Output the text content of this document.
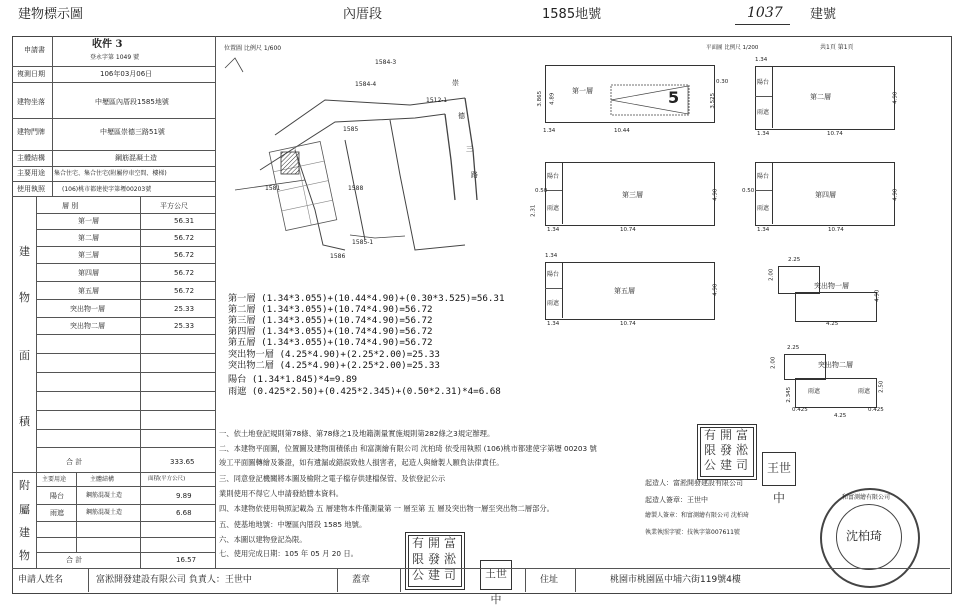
建物標示圖	內厝段	1585地號	1037 建號
申請書	收件 3
登永字第 1049 號
複測日期	106年03月06日
建物坐落	中壢區內厝段1585地號
建物門牌	中壢區崇德三路51號
主體結構	鋼筋混凝土造
主要用途 集合住宅、集合住宅(附屬停車空間、樓梯)
使用執照	(106)桃市都建使字第壢00203號
層 別	平方公尺
建
物
面
積
第一層	56.31
第二層	56.72
第三層	56.72
第四層	56.72
第五層	56.72
突出物一層	25.33
突出物二層	25.33
合 計	333.65
附
屬
建
物
主要用途	主體結構	面積(平方公尺)
陽台	鋼筋混凝土造	9.89
雨遮	鋼筋混凝土造	6.68
合 計	16.57
位置圖 比例尺 1/600
1584-3
1584-4
1512-1
1585
1581	1588
1585-1
1586
崇
德
三
路
平面圖 比例尺 1/200	共1頁 第1頁
5
第一層
1.34	10.44
0.30
3.865 4.89	3.525
陽台
雨遮
第二層
1.34
1.34	10.74
4.90
陽台
雨遮
第三層
0.50
1.34	10.74
4.90
2.31
陽台
雨遮
第四層
0.50
1.34	10.74
4.90
陽台
雨遮
第五層
1.34
1.34	10.74
4.90	突出物一層
2.25
4.25
2.00
4.90
突出物二層
雨遮	雨遮
2.25
0.425
4.25
0.425
2.00
2.345
2.50
第一層 (1.34*3.055)+(10.44*4.90)+(0.30*3.525)=56.31
第二層 (1.34*3.055)+(10.74*4.90)=56.72
第三層 (1.34*3.055)+(10.74*4.90)=56.72
第四層 (1.34*3.055)+(10.74*4.90)=56.72
第五層 (1.34*3.055)+(10.74*4.90)=56.72
突出物一層 (4.25*4.90)+(2.25*2.00)=25.33
突出物二層 (4.25*4.90)+(2.25*2.00)=25.33
陽台 (1.34*1.845)*4=9.89
雨遮 (0.425*2.50)+(0.425*2.345)+(0.50*2.31)*4=6.68
一、依土地登記規則第78條、第78條之1及地籍測量實施規則第282條之3規定辦理。
二、本建物平面圖，位置圖及建物面積係由 和富測繪有限公司 沈柏琦 依受用執照 (106)桃市都建使字第壢 00203 號
竣工平面圖轉繪及簽證，如有遺漏或錯誤致他人損害者，起造人與繪製人願負法律責任。
三、同意登記機關將本圖及檢附之電子檔存供建檔保管、及依登記公示
業則使用不得它人申請發給謄本資料。
四、本建物依使用執照記載為 五 層建物本件僅測量第 一 層至第 五 層及突出物一層至突出物二層部分。
五、使基地地號：中壢區內厝段 1585 地號。
六、本圖以建物登記為限。
七、使用完成日期：105 年 05 月 20 日。
起造人：富淞開發建設有限公司
起造人簽章：王世中
繪製人簽章：和富測繪有限公司 沈柏琦
執業執照字號：技執字第007611號
有 開 富
限 發 淞
公 建 司	王世中
有 開 富
限 發 淞
公 建 司	王世中
沈柏琦
和富測繪有限公司
申請人姓名	富淞開發建設有限公司 負責人：王世中	蓋章	住址	桃園市桃園區中埔六街119號4樓
